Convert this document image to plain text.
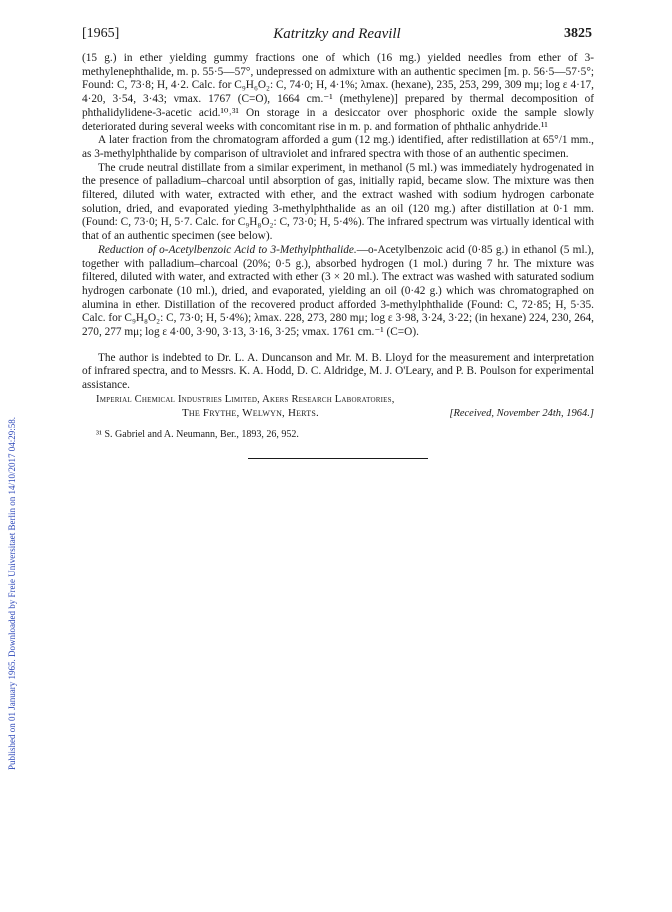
Published on 01 January 1965. Downloaded by Freie Universitaet Berlin on 14/10/2017 04:29:58.
[1965]	Katritzky and Reavill	3825

(15 g.) in ether yielding gummy fractions one of which (16 mg.) yielded needles from ether of 3-methylenephthalide, m. p. 55·5—57°, undepressed on admixture with an authentic specimen [m. p. 56·5—57·5°; Found: C, 73·8; H, 4·2. Calc. for C₉H₆O₂: C, 74·0; H, 4·1%; λmax. (hexane), 235, 253, 299, 309 mμ; log ε 4·17, 4·20, 3·54, 3·43; νmax. 1767 (C=O), 1664 cm.⁻¹ (methylene)] prepared by thermal decomposition of phthalidylidene-3-acetic acid.¹⁰˒³¹ On storage in a desiccator over phosphoric oxide the sample slowly deteriorated during several weeks with concomitant rise in m. p. and formation of phthalic anhydride.¹¹

A later fraction from the chromatogram afforded a gum (12 mg.) identified, after redistillation at 65°/1 mm., as 3-methylphthalide by comparison of ultraviolet and infrared spectra with those of an authentic specimen.

The crude neutral distillate from a similar experiment, in methanol (5 ml.) was immediately hydrogenated in the presence of palladium–charcoal until absorption of gas, initially rapid, became slow. The mixture was then filtered, diluted with water, extracted with ether, and the extract washed with sodium hydrogen carbonate solution, dried, and evaporated yieding 3-methylphthalide as an oil (120 mg.) after distillation at 0·1 mm. (Found: C, 73·0; H, 5·7. Calc. for C₉H₈O₂: C, 73·0; H, 5·4%). The infrared spectrum was virtually identical with that of an authentic specimen (see below).

Reduction of o-Acetylbenzoic Acid to 3-Methylphthalide.—o-Acetylbenzoic acid (0·85 g.) in ethanol (5 ml.), together with palladium–charcoal (20%; 0·5 g.), absorbed hydrogen (1 mol.) during 7 hr. The mixture was filtered, diluted with water, and extracted with ether (3 × 20 ml.). The extract was washed with saturated sodium hydrogen carbonate (10 ml.), dried, and evaporated, yielding an oil (0·42 g.) which was chromatographed on alumina in ether. Distillation of the recovered product afforded 3-methylphthalide (Found: C, 72·85; H, 5·35. Calc. for C₉H₈O₂: C, 73·0; H, 5·4%); λmax. 228, 273, 280 mμ; log ε 3·98, 3·24, 3·22; (in hexane) 224, 230, 264, 270, 277 mμ; log ε 4·00, 3·90, 3·13, 3·16, 3·25; νmax. 1761 cm.⁻¹ (C=O).

The author is indebted to Dr. L. A. Duncanson and Mr. M. B. Lloyd for the measurement and interpretation of infrared spectra, and to Messrs. K. A. Hodd, D. C. Aldridge, M. J. O'Leary, and P. B. Poulson for experimental assistance.

Imperial Chemical Industries Limited, Akers Research Laboratories,
The Frythe, Welwyn, Herts.	[Received, November 24th, 1964.]
³¹ S. Gabriel and A. Neumann, Ber., 1893, 26, 952.
